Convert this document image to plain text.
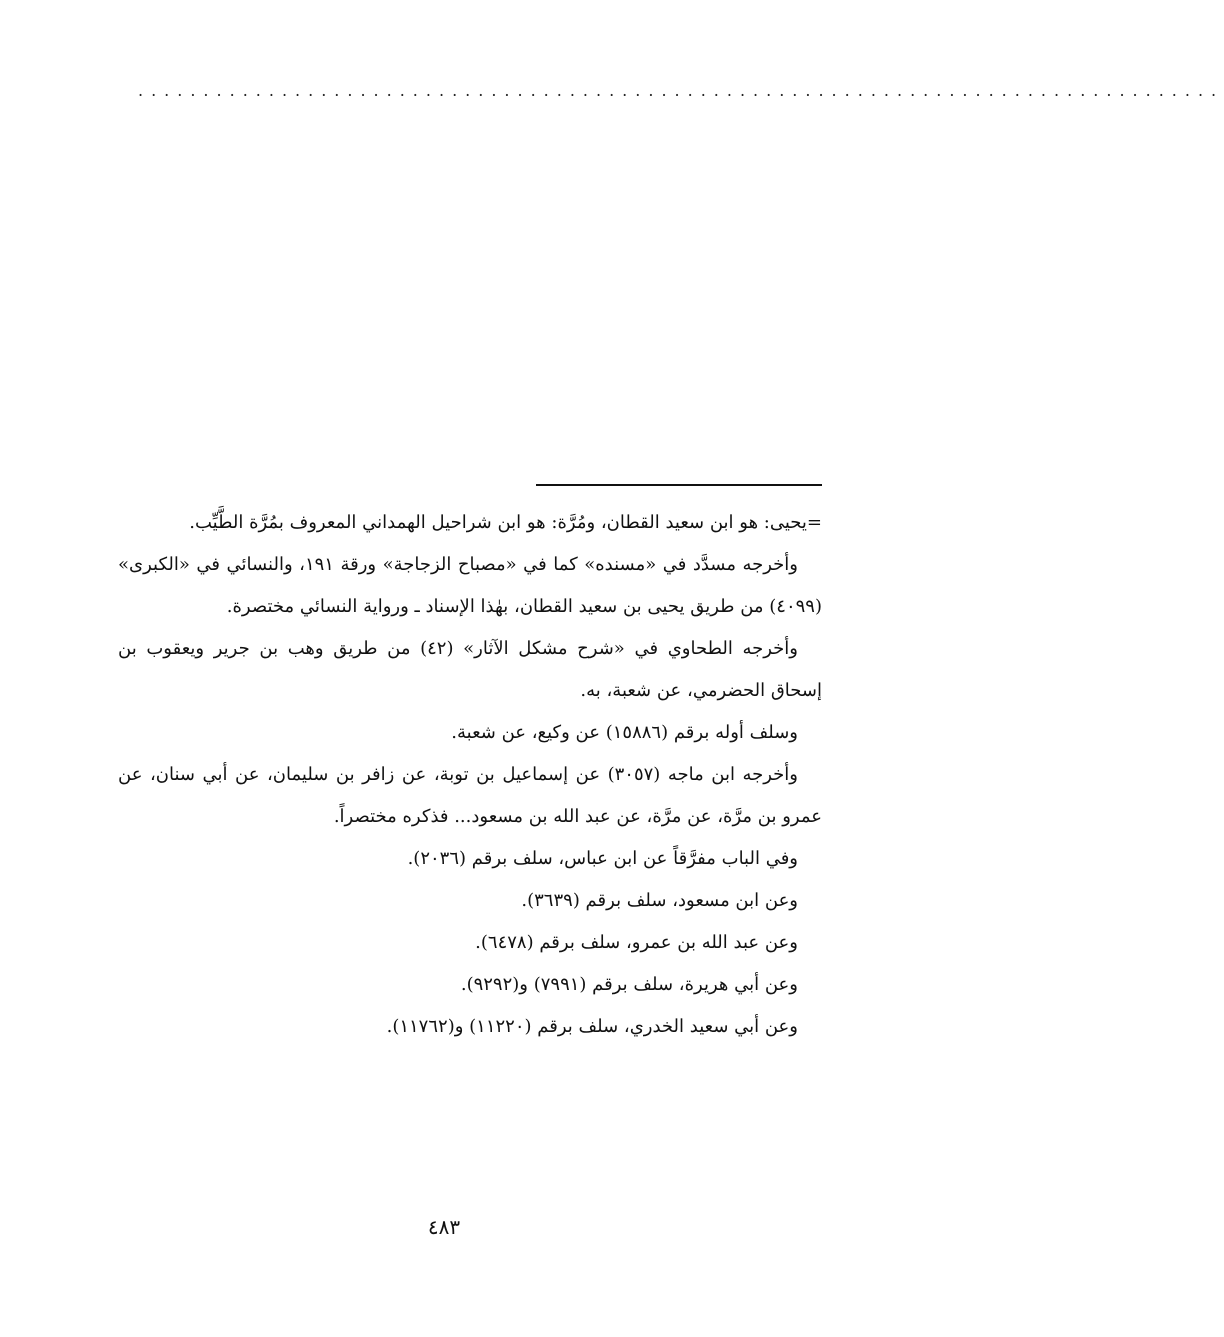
...................................................................................

=يحيى: هو ابن سعيد القطان، ومُرَّة: هو ابن شراحيل الهمداني المعروف بمُرَّة الطَّيِّب.

وأخرجه مسدَّد في «مسنده» كما في «مصباح الزجاجة» ورقة ١٩١، والنسائي في «الكبرى» (٤٠٩٩) من طريق يحيى بن سعيد القطان، بهٰذا الإسناد ـ ورواية النسائي مختصرة.

وأخرجه الطحاوي في «شرح مشكل الآثار» (٤٢) من طريق وهب بن جرير ويعقوب بن إسحاق الحضرمي، عن شعبة، به.

وسلف أوله برقم (١٥٨٨٦) عن وكيع، عن شعبة.

وأخرجه ابن ماجه (٣٠٥٧) عن إسماعيل بن توبة، عن زافر بن سليمان، عن أبي سنان، عن عمرو بن مرَّة، عن مرَّة، عن عبد الله بن مسعود... فذكره مختصراً.

وفي الباب مفرَّقاً عن ابن عباس، سلف برقم (٢٠٣٦).

وعن ابن مسعود، سلف برقم (٣٦٣٩).

وعن عبد الله بن عمرو، سلف برقم (٦٤٧٨).

وعن أبي هريرة، سلف برقم (٧٩٩١) و(٩٢٩٢).

وعن أبي سعيد الخدري، سلف برقم (١١٢٢٠) و(١١٧٦٢).

٤٨٣
